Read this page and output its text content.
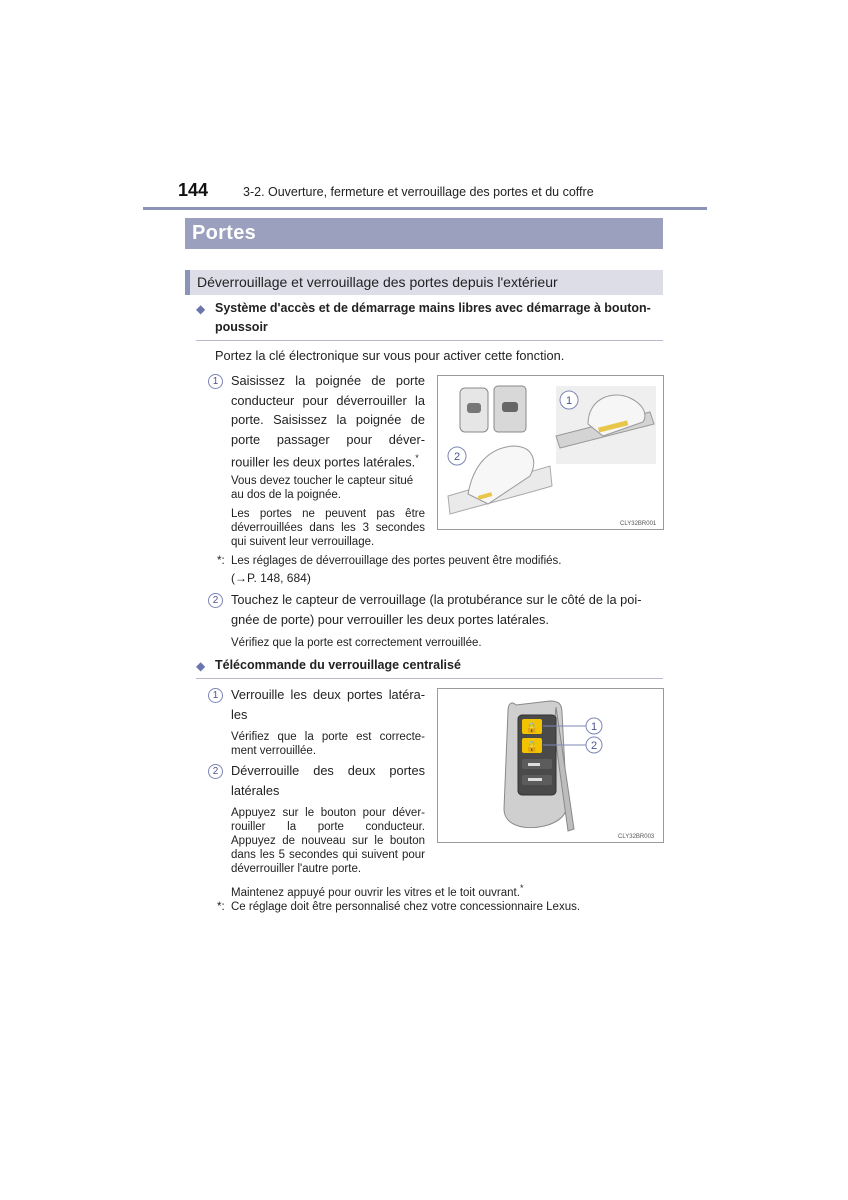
144	3-2. Ouverture, fermeture et verrouillage des portes et du coffre
Portes
Déverrouillage et verrouillage des portes depuis l'extérieur
◆ Système d'accès et de démarrage mains libres avec démarrage à bouton-
poussoir
Portez la clé électronique sur vous pour activer cette fonction.
1 Saisissez la poignée de porte
conducteur pour déverrouiller la
porte. Saisissez la poignée de
porte passager pour déver-
rouiller les deux portes latérales.*
Vous devez toucher le capteur situé
au dos de la poignée.
Les portes ne peuvent pas être
déverrouillées dans les 3 secondes
qui suivent leur verrouillage.
1
2
CLY32BR001
*: Les réglages de déverrouillage des portes peuvent être modifiés.
(→P. 148, 684)
2 Touchez le capteur de verrouillage (la protubérance sur le côté de la poi-
gnée de porte) pour verrouiller les deux portes latérales.
Vérifiez que la porte est correctement verrouillée.
◆ Télécommande du verrouillage centralisé
1 Verrouille les deux portes latéra-
les
Vérifiez que la porte est correcte-
ment verrouillée.
2 Déverrouille des deux portes
latérales
Appuyez sur le bouton pour déver-
rouiller la porte conducteur.
Appuyez de nouveau sur le bouton
dans les 5 secondes qui suivent pour
déverrouiller l'autre porte.
Maintenez appuyé pour ouvrir les vitres et le toit ouvrant.*
🔒
🔓
1
2
CLY32BR003
*: Ce réglage doit être personnalisé chez votre concessionnaire Lexus.
